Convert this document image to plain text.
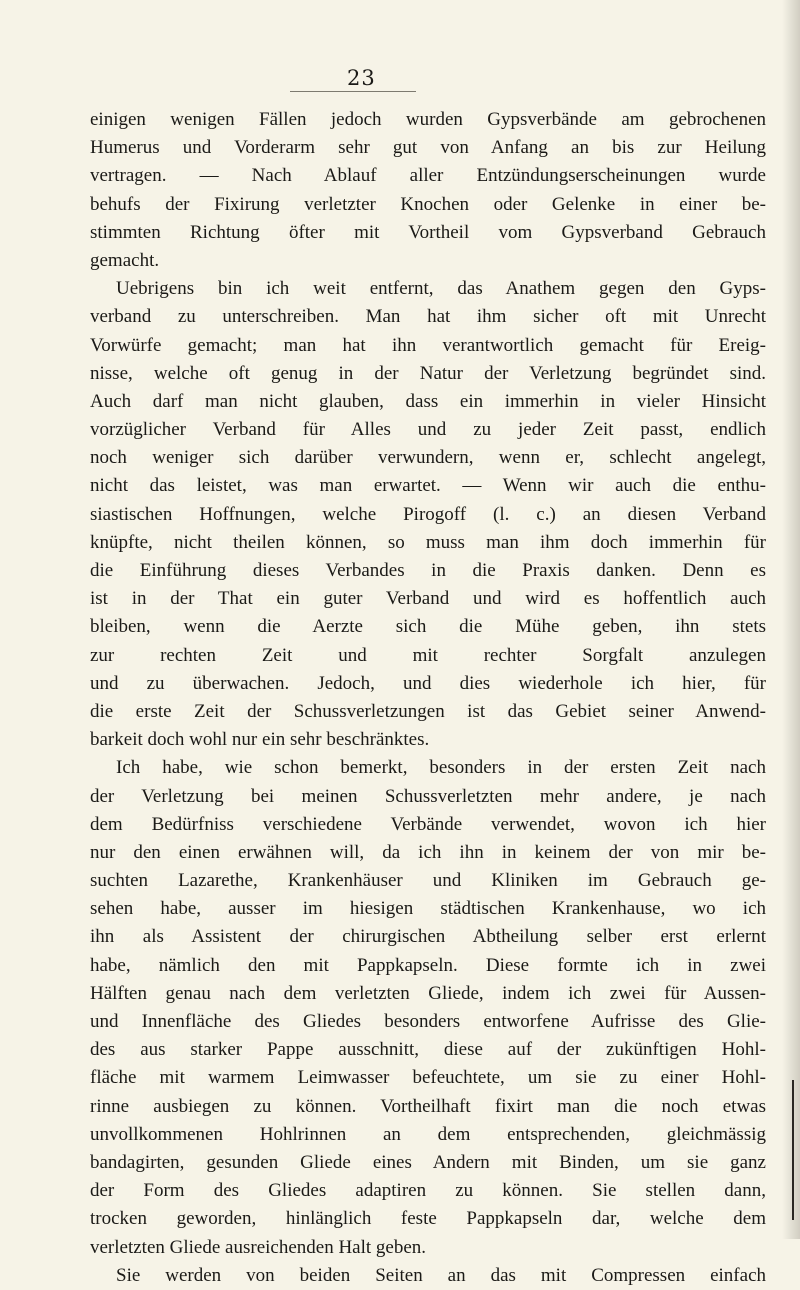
23
einigen wenigen Fällen jedoch wurden Gypsverbände am gebrochenen
Humerus und Vorderarm sehr gut von Anfang an bis zur Heilung
vertragen. — Nach Ablauf aller Entzündungserscheinungen wurde
behufs der Fixirung verletzter Knochen oder Gelenke in einer be-
stimmten Richtung öfter mit Vortheil vom Gypsverband Gebrauch
gemacht.
Uebrigens bin ich weit entfernt, das Anathem gegen den Gyps-
verband zu unterschreiben. Man hat ihm sicher oft mit Unrecht
Vorwürfe gemacht; man hat ihn verantwortlich gemacht für Ereig-
nisse, welche oft genug in der Natur der Verletzung begründet sind.
Auch darf man nicht glauben, dass ein immerhin in vieler Hinsicht
vorzüglicher Verband für Alles und zu jeder Zeit passt, endlich
noch weniger sich darüber verwundern, wenn er, schlecht angelegt,
nicht das leistet, was man erwartet. — Wenn wir auch die enthu-
siastischen Hoffnungen, welche Pirogoff (l. c.) an diesen Verband
knüpfte, nicht theilen können, so muss man ihm doch immerhin für
die Einführung dieses Verbandes in die Praxis danken. Denn es
ist in der That ein guter Verband und wird es hoffentlich auch
bleiben, wenn die Aerzte sich die Mühe geben, ihn stets
zur rechten Zeit und mit rechter Sorgfalt anzulegen
und zu überwachen. Jedoch, und dies wiederhole ich hier, für
die erste Zeit der Schussverletzungen ist das Gebiet seiner Anwend-
barkeit doch wohl nur ein sehr beschränktes.
Ich habe, wie schon bemerkt, besonders in der ersten Zeit nach
der Verletzung bei meinen Schussverletzten mehr andere, je nach
dem Bedürfniss verschiedene Verbände verwendet, wovon ich hier
nur den einen erwähnen will, da ich ihn in keinem der von mir be-
suchten Lazarethe, Krankenhäuser und Kliniken im Gebrauch ge-
sehen habe, ausser im hiesigen städtischen Krankenhause, wo ich
ihn als Assistent der chirurgischen Abtheilung selber erst erlernt
habe, nämlich den mit Pappkapseln. Diese formte ich in zwei
Hälften genau nach dem verletzten Gliede, indem ich zwei für Aussen-
und Innenfläche des Gliedes besonders entworfene Aufrisse des Glie-
des aus starker Pappe ausschnitt, diese auf der zukünftigen Hohl-
fläche mit warmem Leimwasser befeuchtete, um sie zu einer Hohl-
rinne ausbiegen zu können. Vortheilhaft fixirt man die noch etwas
unvollkommenen Hohlrinnen an dem entsprechenden, gleichmässig
bandagirten, gesunden Gliede eines Andern mit Binden, um sie ganz
der Form des Gliedes adaptiren zu können. Sie stellen dann,
trocken geworden, hinlänglich feste Pappkapseln dar, welche dem
verletzten Gliede ausreichenden Halt geben.
Sie werden von beiden Seiten an das mit Compressen einfach
